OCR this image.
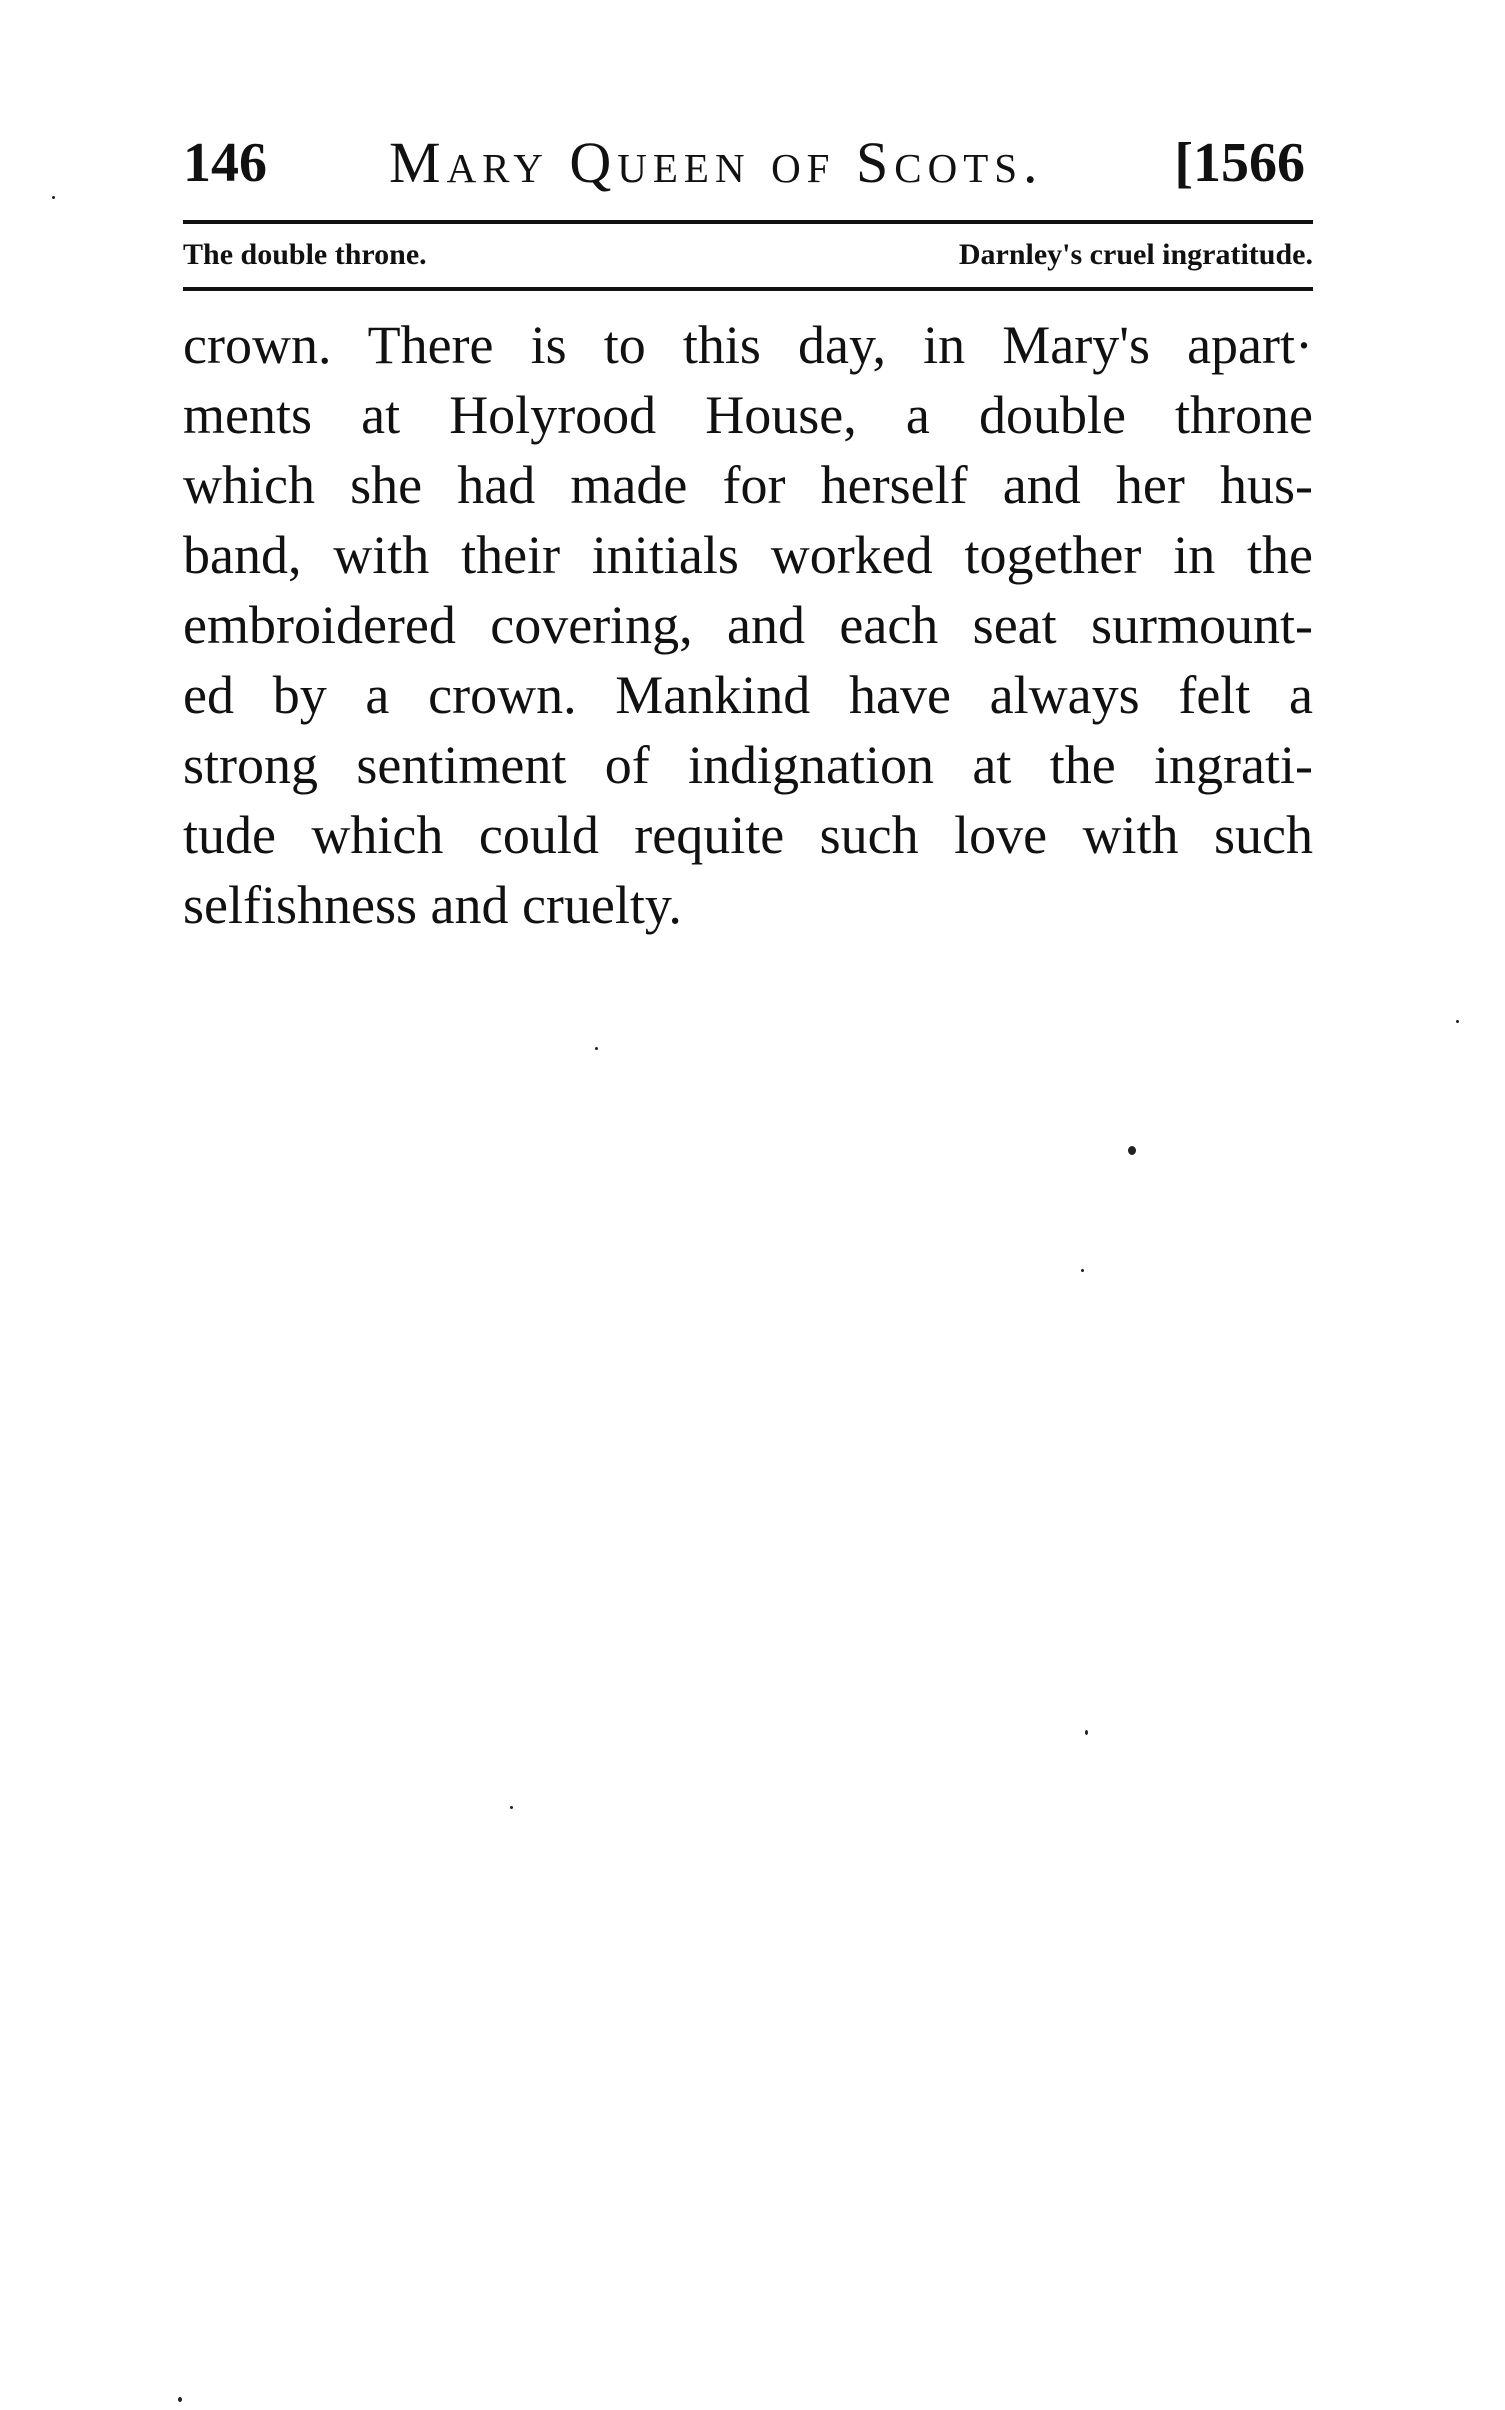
146 Mary Queen of Scots. [1566
The double throne.	Darnley's cruel ingratitude.
crown. There is to this day, in Mary's apart·
ments at Holyrood House, a double throne
which she had made for herself and her hus-
band, with their initials worked together in the
embroidered covering, and each seat surmount-
ed by a crown. Mankind have always felt a
strong sentiment of indignation at the ingrati-
tude which could requite such love with such
selfishness and cruelty.
